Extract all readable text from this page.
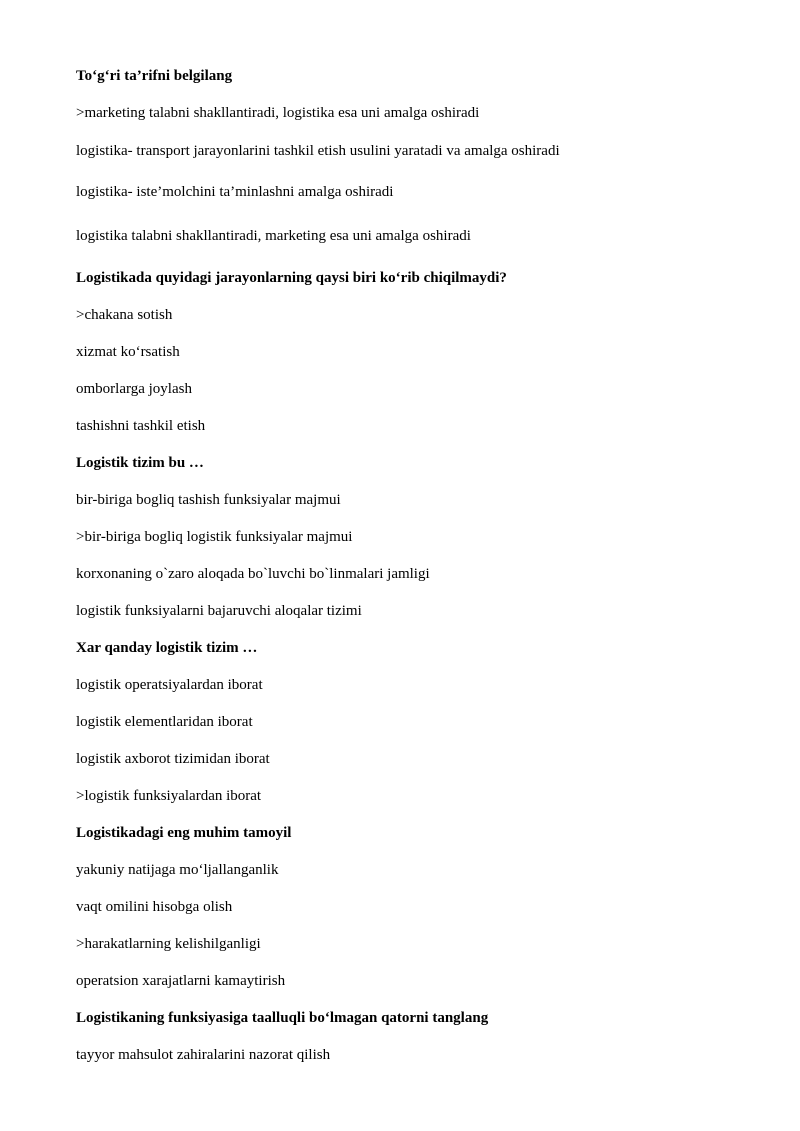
To‘g‘ri ta’rifni belgilang
>marketing talabni shakllantiradi, logistika esa uni amalga oshiradi
logistika- transport jarayonlarini tashkil etish usulini yaratadi va amalga oshiradi
logistika- iste’molchini ta’minlashni amalga oshiradi
logistika talabni shakllantiradi, marketing esa uni amalga oshiradi
Logistikada quyidagi jarayonlarning qaysi biri ko‘rib chiqilmaydi?
>chakana sotish
xizmat ko‘rsatish
omborlarga joylash
tashishni tashkil etish
Logistik tizim bu …
bir-biriga bogliq tashish funksiyalar majmui
>bir-biriga bogliq logistik funksiyalar majmui
korxonaning o`zaro aloqada bo`luvchi bo`linmalari jamligi
logistik funksiyalarni bajaruvchi aloqalar tizimi
Xar qanday logistik tizim …
logistik operatsiyalardan iborat
logistik elementlaridan iborat
logistik axborot tizimidan iborat
>logistik funksiyalardan iborat
Logistikadagi eng muhim tamoyil
yakuniy natijaga mo‘ljallanganlik
vaqt omilini hisobga olish
>harakatlarning kelishilganligi
operatsion xarajatlarni kamaytirish
Logistikaning funksiyasiga taalluqli bo‘lmagan qatorni tanglang
tayyor mahsulot zahiralarini nazorat qilish
